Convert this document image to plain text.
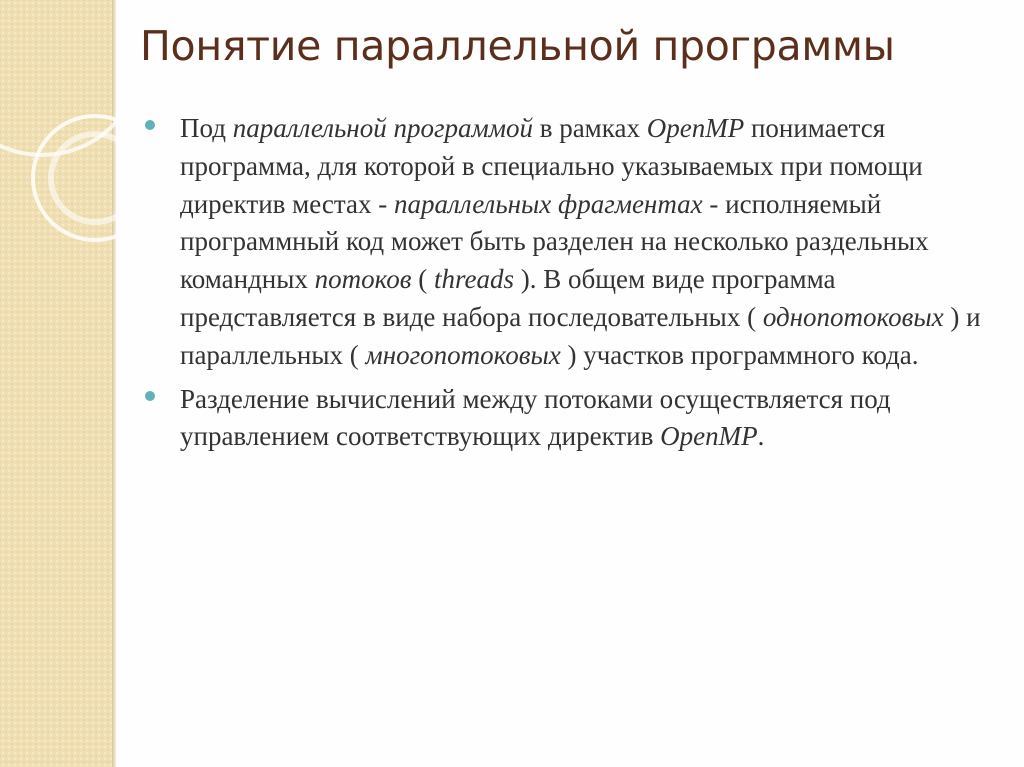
Понятие параллельной программы
Под параллельной программой в рамках OpenMP понимается программа, для которой в специально указываемых при помощи директив местах - параллельных фрагментах - исполняемый программный код может быть разделен на несколько раздельных командных потоков ( threads ). В общем виде программа представляется в виде набора последовательных ( однопотоковых ) и параллельных ( многопотоковых ) участков программного кода.
Разделение вычислений между потоками осуществляется под управлением соответствующих директив OpenMP.
